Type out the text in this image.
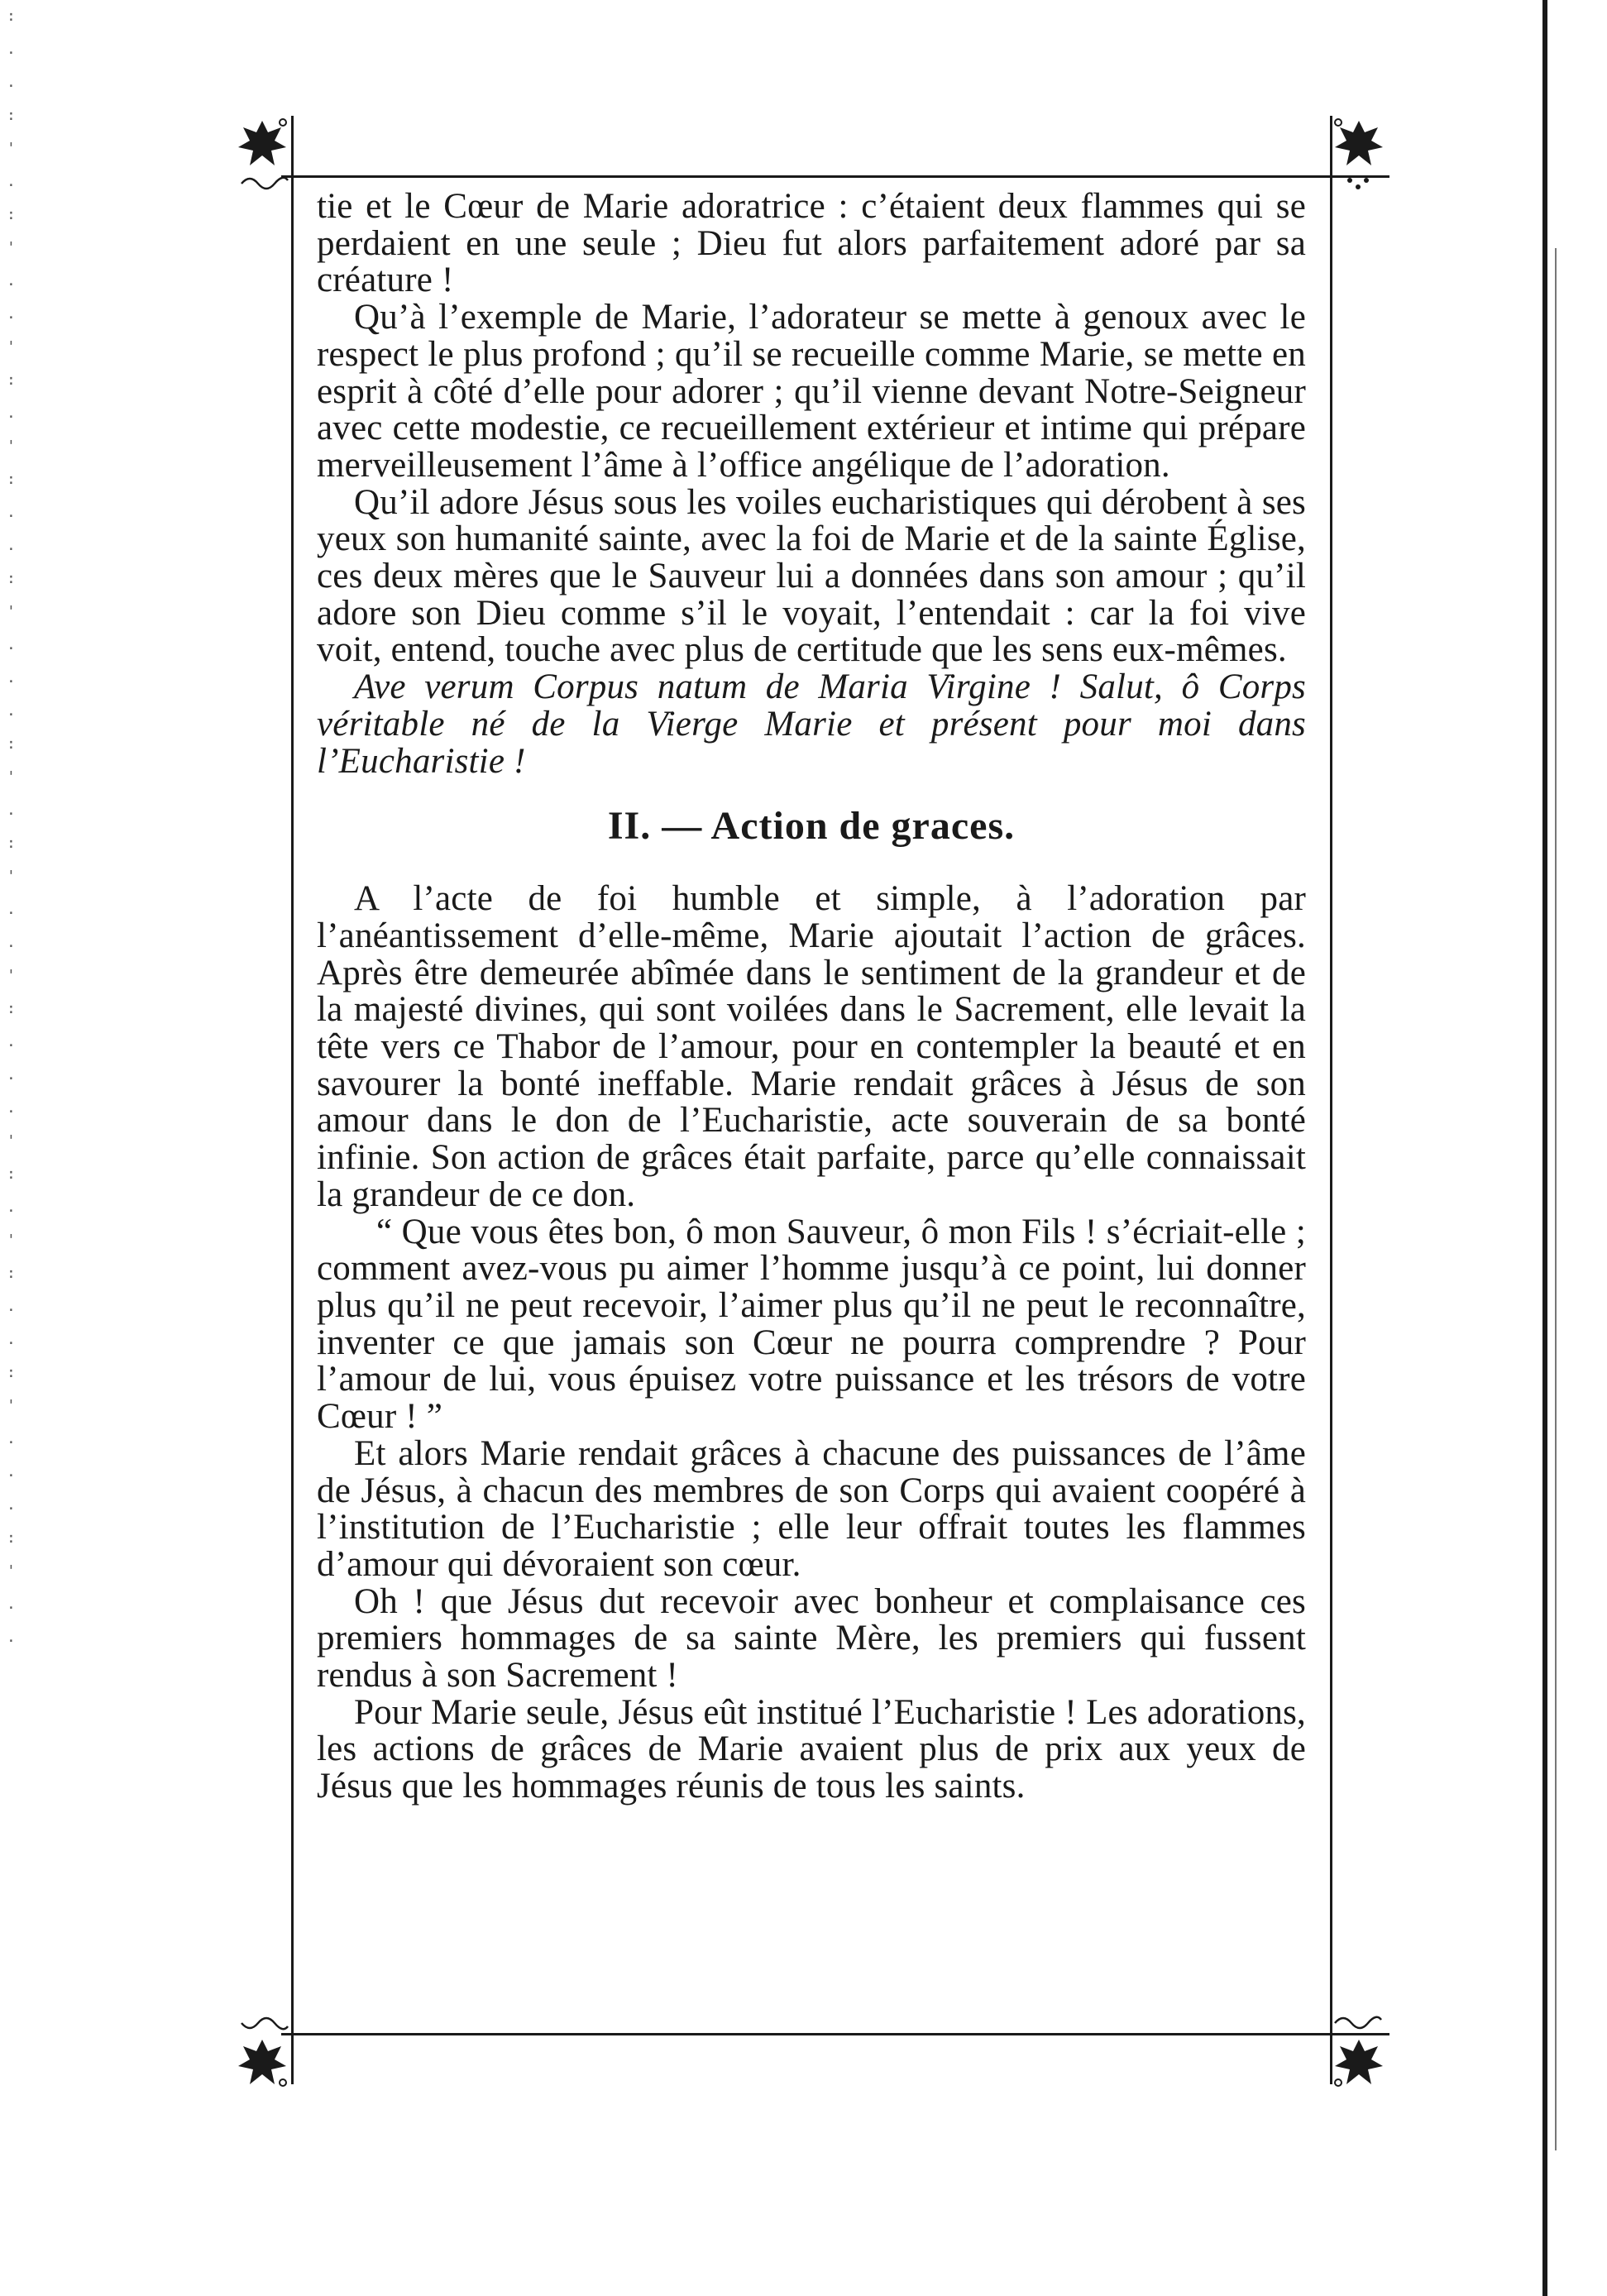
: .
. :
' .
: '
. .
' :
. '
: .
. :
' .
. .
: '
. :
' .
. '
: .
. .
' :
. '
: .
. :
' .
. .
: '
. .

tie et le Cœur de Marie adoratrice : c’étaient deux flammes qui se perdaient en une seule ; Dieu fut alors parfaitement adoré par sa créature !

Qu’à l’exemple de Marie, l’adorateur se mette à genoux avec le respect le plus profond ; qu’il se recueille comme Marie, se mette en esprit à côté d’elle pour adorer ; qu’il vienne devant Notre-Seigneur avec cette modestie, ce recueillement extérieur et intime qui prépare merveilleusement l’âme à l’office angélique de l’adoration.

Qu’il adore Jésus sous les voiles eucharistiques qui dérobent à ses yeux son humanité sainte, avec la foi de Marie et de la sainte Église, ces deux mères que le Sauveur lui a données dans son amour ; qu’il adore son Dieu comme s’il le voyait, l’entendait : car la foi vive voit, entend, touche avec plus de certitude que les sens eux-mêmes.

Ave verum Corpus natum de Maria Virgine ! Salut, ô Corps véritable né de la Vierge Marie et présent pour moi dans l’Eucharistie !

II. — Action de graces.

A l’acte de foi humble et simple, à l’adoration par l’anéantissement d’elle-même, Marie ajoutait l’action de grâces. Après être demeurée abîmée dans le sentiment de la grandeur et de la majesté divines, qui sont voilées dans le Sacrement, elle levait la tête vers ce Thabor de l’amour, pour en contempler la beauté et en savourer la bonté ineffable. Marie rendait grâces à Jésus de son amour dans le don de l’Eucharistie, acte souverain de sa bonté infinie. Son action de grâces était parfaite, parce qu’elle connaissait la grandeur de ce don.

“ Que vous êtes bon, ô mon Sauveur, ô mon Fils ! s’écriait-elle ; comment avez-vous pu aimer l’homme jusqu’à ce point, lui donner plus qu’il ne peut recevoir, l’aimer plus qu’il ne peut le reconnaître, inventer ce que jamais son Cœur ne pourra comprendre ? Pour l’amour de lui, vous épuisez votre puissance et les trésors de votre Cœur ! ”

Et alors Marie rendait grâces à chacune des puissances de l’âme de Jésus, à chacun des membres de son Corps qui avaient coopéré à l’institution de l’Eucharistie ; elle leur offrait toutes les flammes d’amour qui dévoraient son cœur.

Oh ! que Jésus dut recevoir avec bonheur et complaisance ces premiers hommages de sa sainte Mère, les premiers qui fussent rendus à son Sacrement !

Pour Marie seule, Jésus eût institué l’Eucharistie ! Les adorations, les actions de grâces de Marie avaient plus de prix aux yeux de Jésus que les hommages réunis de tous les saints.
